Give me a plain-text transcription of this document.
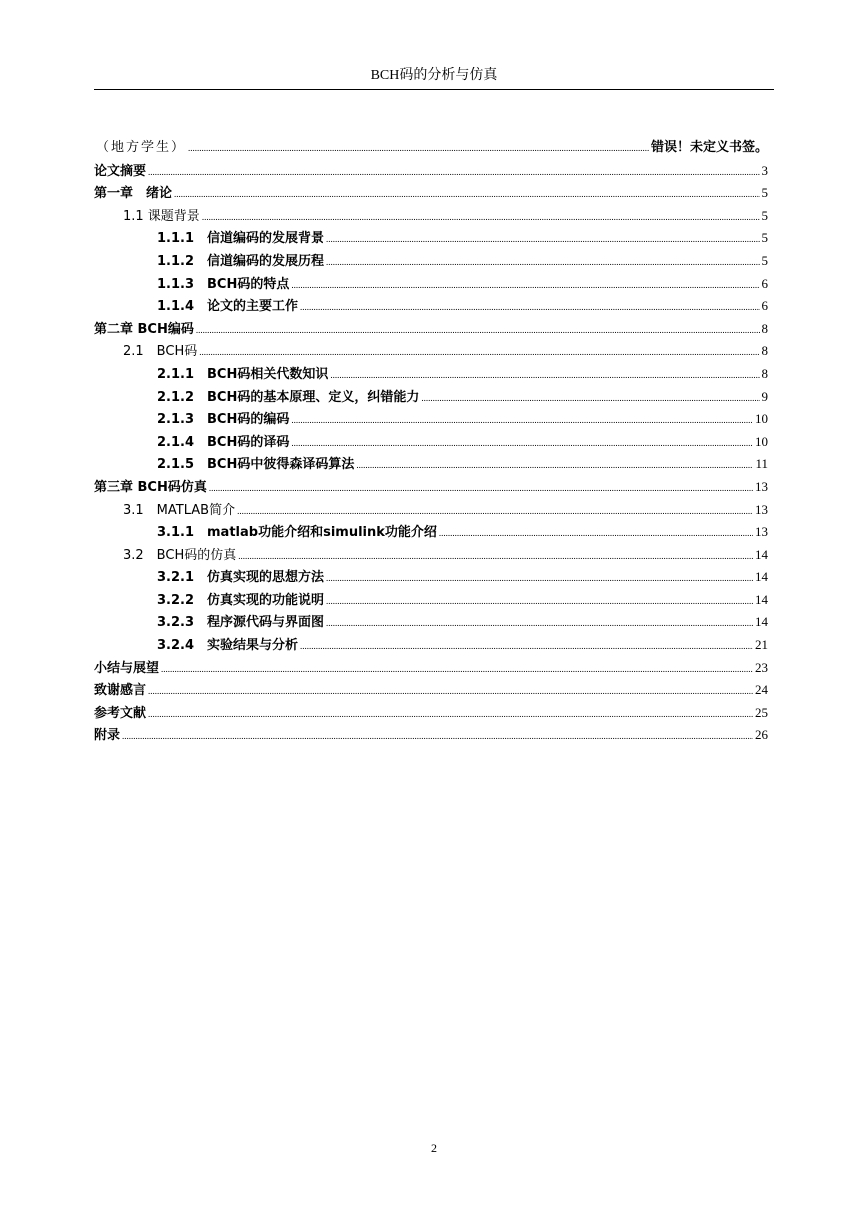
BCH码的分析与仿真
（地方学生） .....	错误！未定义书签。
论文摘要 .....	3
第一章　绪论 .....	5
1.1 课题背景 .....	5
1.1.1　信道编码的发展背景 .....	5
1.1.2　信道编码的发展历程 .....	5
1.1.3　BCH码的特点 .....	6
1.1.4　论文的主要工作 .....	6
第二章 BCH编码 .....	8
2.1　BCH码 .....	8
2.1.1　BCH码相关代数知识 .....	8
2.1.2　BCH码的基本原理、定义，纠错能力 .....	9
2.1.3　BCH码的编码 .....	10
2.1.4　BCH码的译码 .....	10
2.1.5　BCH码中彼得森译码算法 .....	11
第三章 BCH码仿真 .....	13
3.1　MATLAB简介 .....	13
3.1.1　matlab功能介绍和simulink功能介绍 .....	13
3.2　BCH码的仿真 .....	14
3.2.1　仿真实现的思想方法 .....	14
3.2.2　仿真实现的功能说明 .....	14
3.2.3　程序源代码与界面图 .....	14
3.2.4　实验结果与分析 .....	21
小结与展望 .....	23
致谢感言 .....	24
参考文献 .....	25
附录 .....	26
2
